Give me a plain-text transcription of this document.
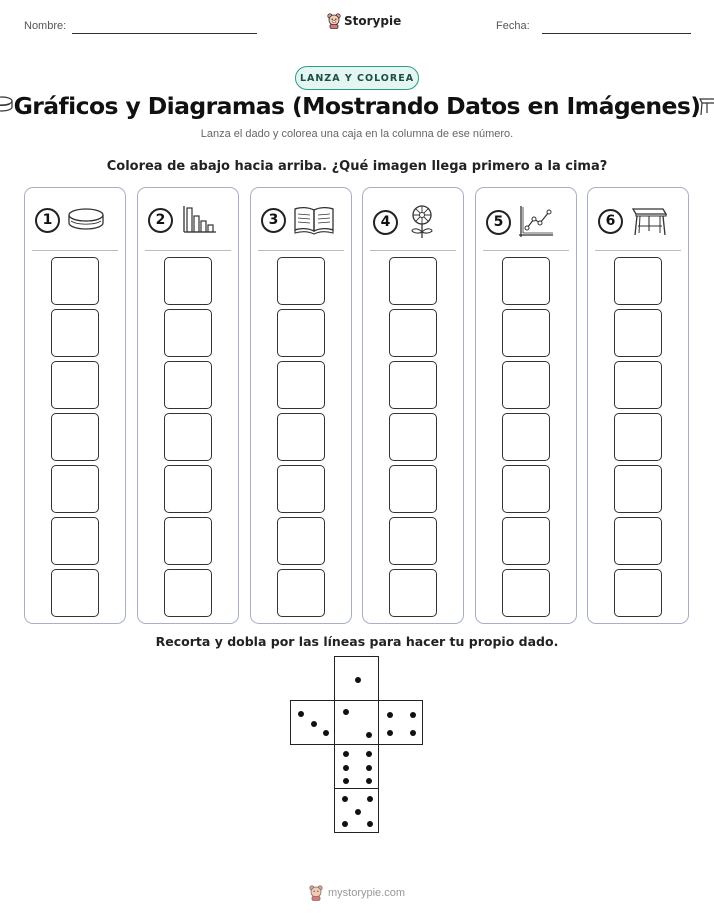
Nombre:	Storypie	Fecha:
LANZA Y COLOREA
Gráficos y Diagramas (Mostrando Datos en Imágenes)
Lanza el dado y colorea una caja en la columna de ese número.
Colorea de abajo hacia arriba. ¿Qué imagen llega primero a la cima?
1	2	3	4	5	6
Recorta y dobla por las líneas para hacer tu propio dado.
mystorypie.com
